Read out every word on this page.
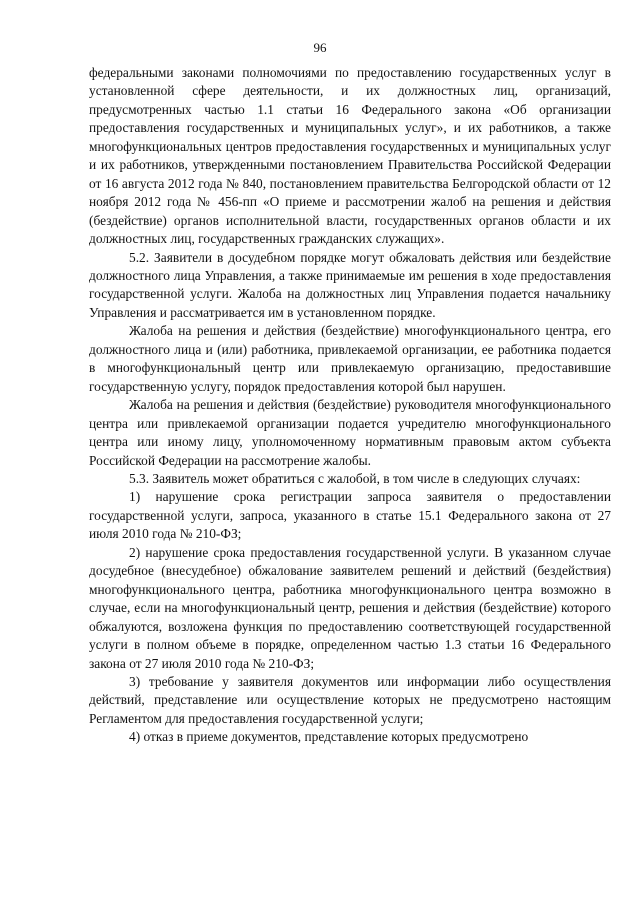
96

федеральными законами полномочиями по предоставлению государственных услуг в установленной сфере деятельности, и их должностных лиц, организаций, предусмотренных частью 1.1 статьи 16 Федерального закона «Об организации предоставления государственных и муниципальных услуг», и их работников, а также многофункциональных центров предоставления государственных и муниципальных услуг и их работников, утвержденными постановлением Правительства Российской Федерации от 16 августа 2012 года № 840, постановлением правительства Белгородской области от 12 ноября 2012 года № 456-пп «О приеме и рассмотрении жалоб на решения и действия (бездействие) органов исполнительной власти, государственных органов области и их должностных лиц, государственных гражданских служащих».

5.2. Заявители в досудебном порядке могут обжаловать действия или бездействие должностного лица Управления, а также принимаемые им решения в ходе предоставления государственной услуги. Жалоба на должностных лиц Управления подается начальнику Управления и рассматривается им в установленном порядке.

Жалоба на решения и действия (бездействие) многофункционального центра, его должностного лица и (или) работника, привлекаемой организации, ее работника подается в многофункциональный центр или привлекаемую организацию, предоставившие государственную услугу, порядок предоставления которой был нарушен.

Жалоба на решения и действия (бездействие) руководителя многофункционального центра или привлекаемой организации подается учредителю многофункционального центра или иному лицу, уполномоченному нормативным правовым актом субъекта Российской Федерации на рассмотрение жалобы.

5.3. Заявитель может обратиться с жалобой, в том числе в следующих случаях:

1) нарушение срока регистрации запроса заявителя о предоставлении государственной услуги, запроса, указанного в статье 15.1 Федерального закона от 27 июля 2010 года № 210-ФЗ;

2) нарушение срока предоставления государственной услуги. В указанном случае досудебное (внесудебное) обжалование заявителем решений и действий (бездействия) многофункционального центра, работника многофункционального центра возможно в случае, если на многофункциональный центр, решения и действия (бездействие) которого обжалуются, возложена функция по предоставлению соответствующей государственной услуги в полном объеме в порядке, определенном частью 1.3 статьи 16 Федерального закона от 27 июля 2010 года № 210-ФЗ;

3) требование у заявителя документов или информации либо осуществления действий, представление или осуществление которых не предусмотрено настоящим Регламентом для предоставления государственной услуги;

4) отказ в приеме документов, представление которых предусмотрено
